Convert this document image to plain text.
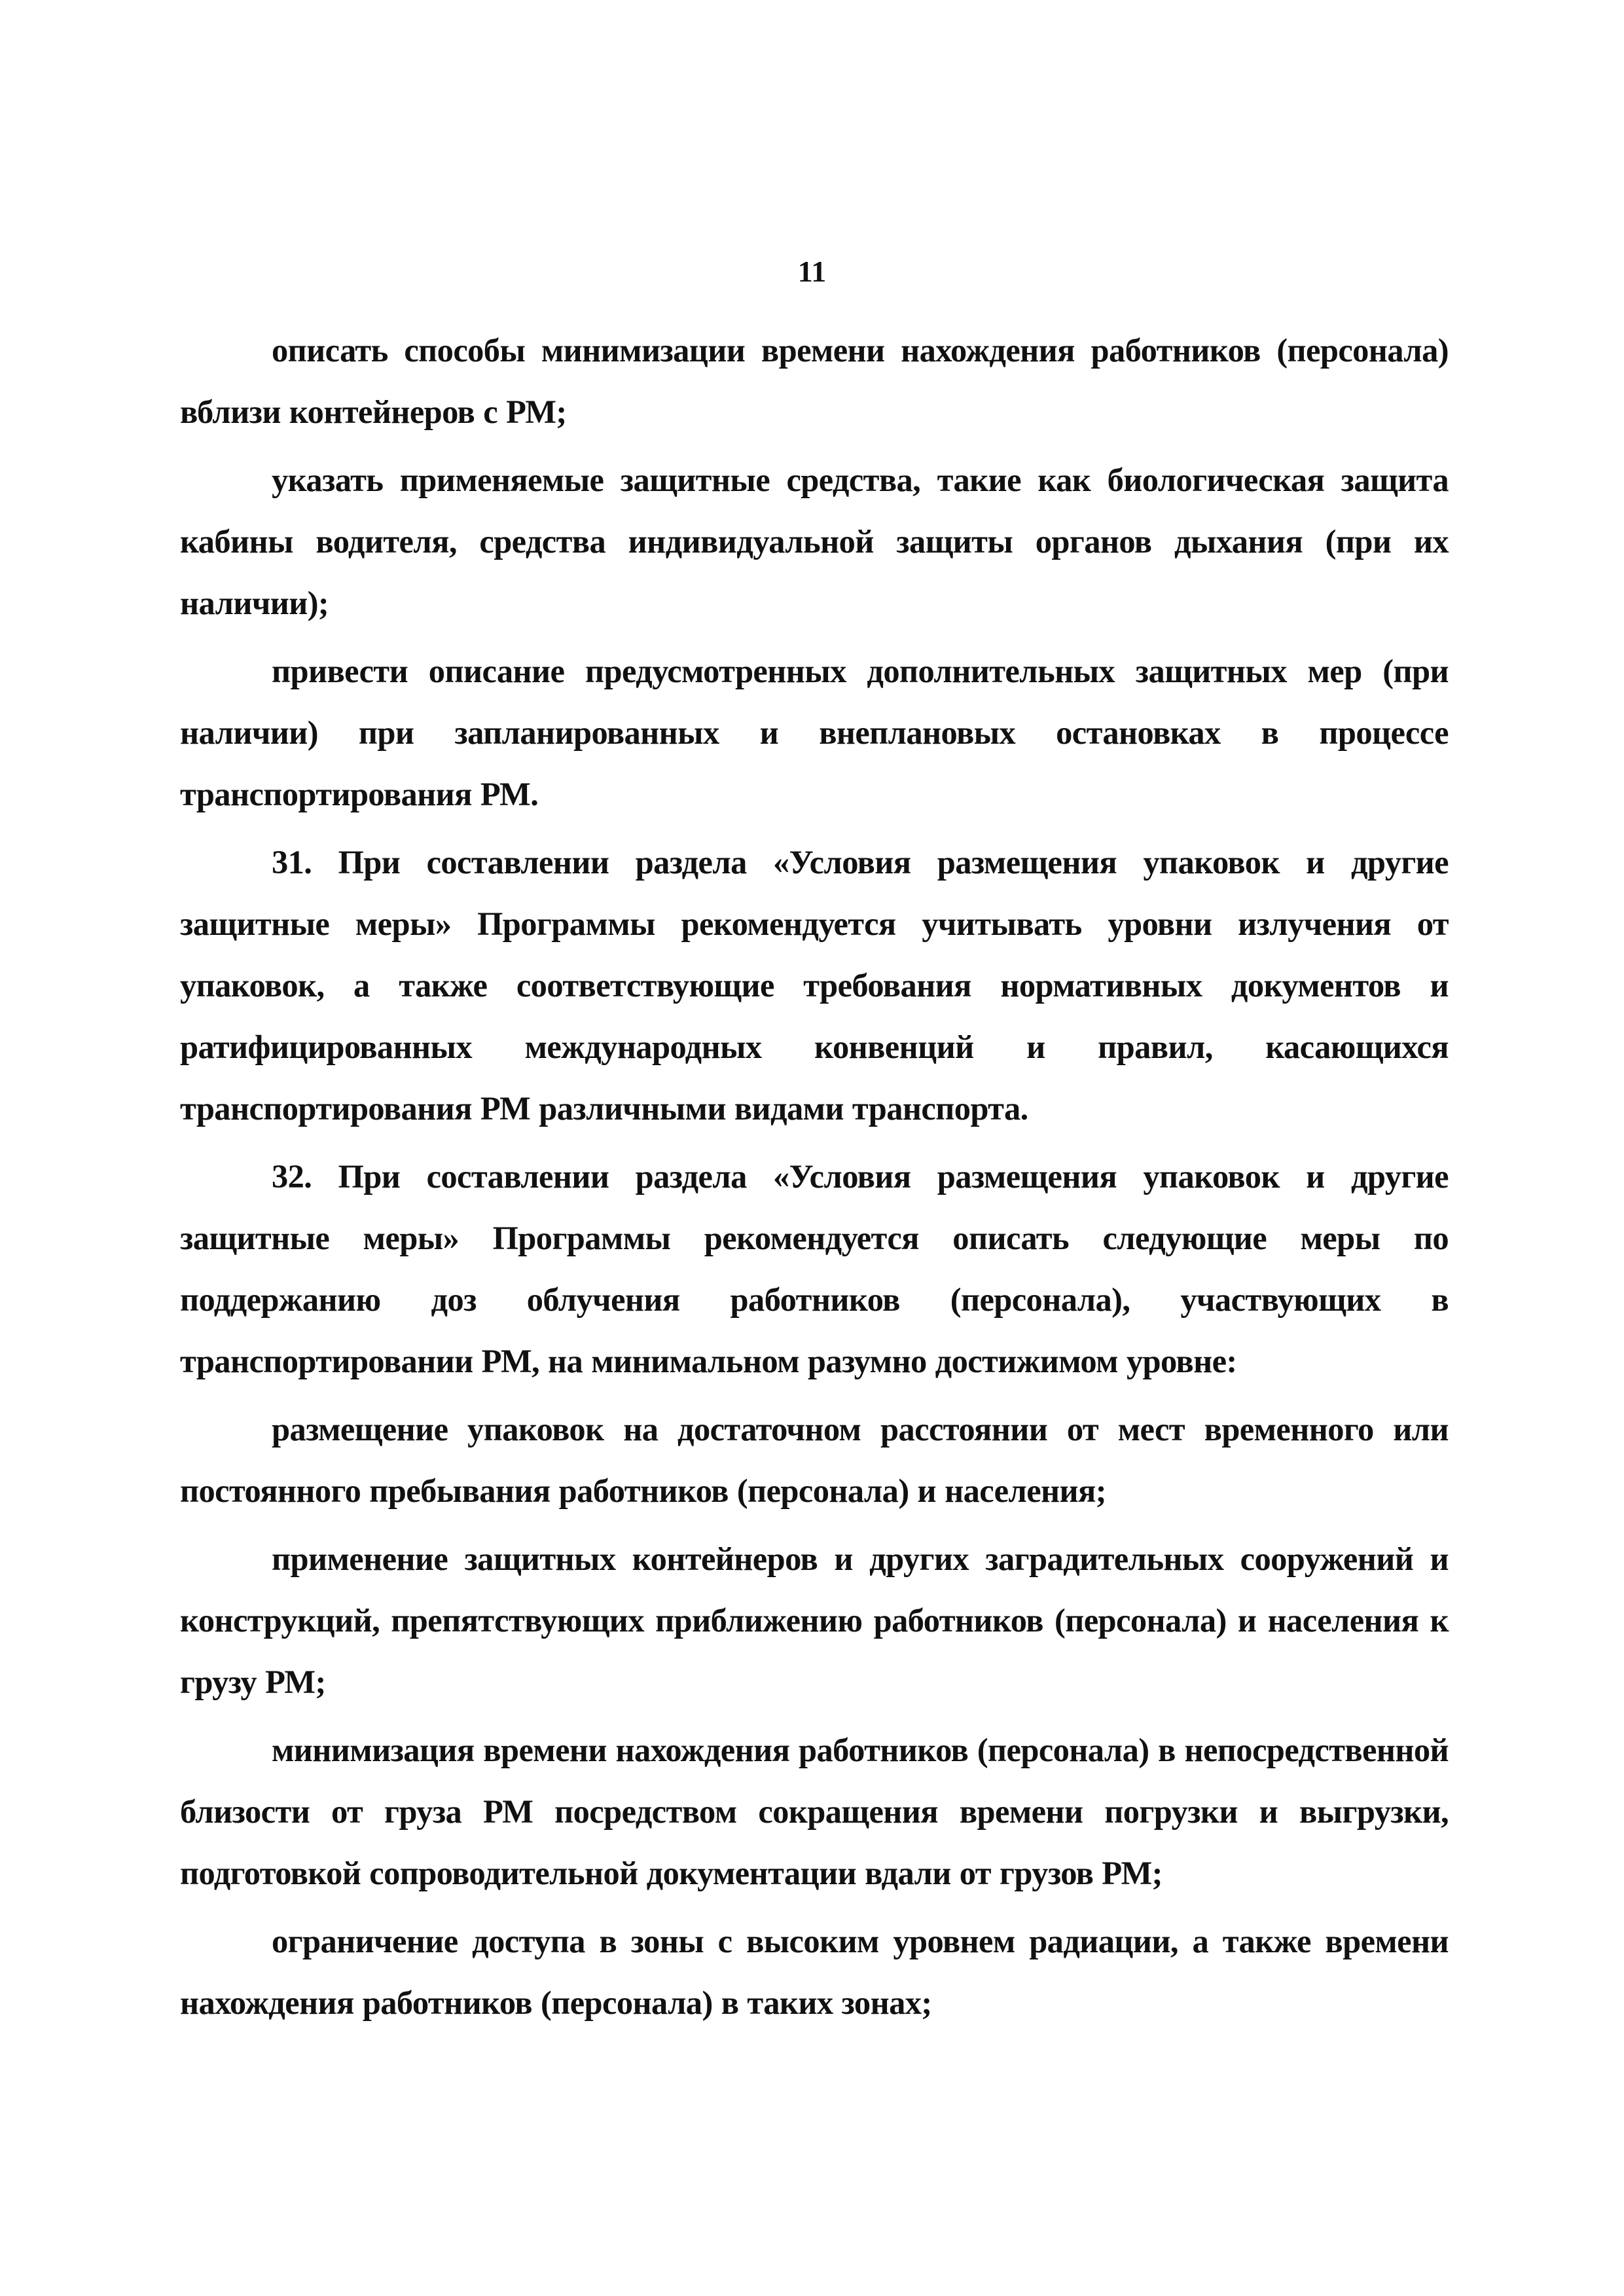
11

описать способы минимизации времени нахождения работников (персонала) вблизи контейнеров с РМ;

указать применяемые защитные средства, такие как биологическая защита кабины водителя, средства индивидуальной защиты органов дыхания (при их наличии);

привести описание предусмотренных дополнительных защитных мер (при наличии) при запланированных и внеплановых остановках в процессе транспортирования РМ.

31. При составлении раздела «Условия размещения упаковок и другие защитные меры» Программы рекомендуется учитывать уровни излучения от упаковок, а также соответствующие требования нормативных документов и ратифицированных международных конвенций и правил, касающихся транспортирования РМ различными видами транспорта.

32. При составлении раздела «Условия размещения упаковок и другие защитные меры» Программы рекомендуется описать следующие меры по поддержанию доз облучения работников (персонала), участвующих в транспортировании РМ, на минимальном разумно достижимом уровне:

размещение упаковок на достаточном расстоянии от мест временного или постоянного пребывания работников (персонала) и населения;

применение защитных контейнеров и других заградительных сооружений и конструкций, препятствующих приближению работников (персонала) и населения к грузу РМ;

минимизация времени нахождения работников (персонала) в непосредственной близости от груза РМ посредством сокращения времени погрузки и выгрузки, подготовкой сопроводительной документации вдали от грузов РМ;

ограничение доступа в зоны с высоким уровнем радиации, а также времени нахождения работников (персонала) в таких зонах;
